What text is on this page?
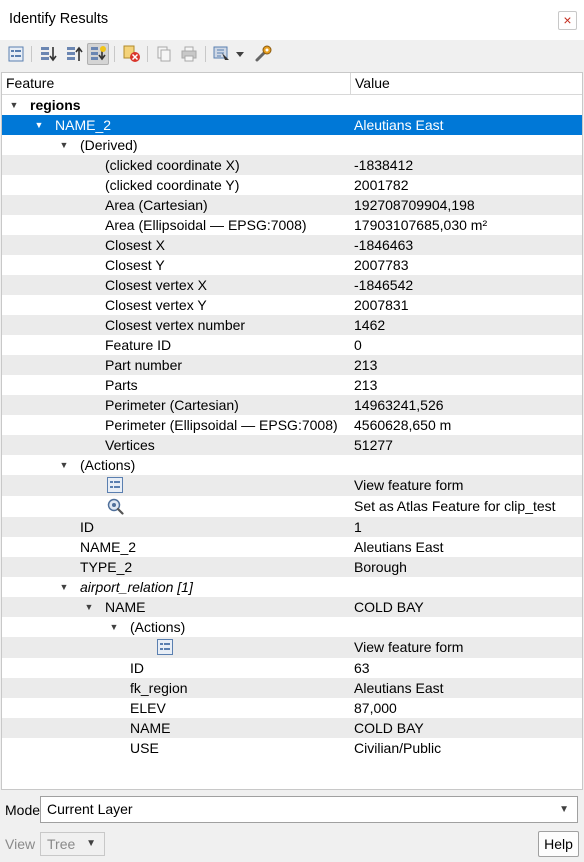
Identify Results	×
Feature	Value
▼ regions
▼ NAME_2	Aleutians East
▼ (Derived)
(clicked coordinate X)	-1838412
(clicked coordinate Y)	2001782
Area (Cartesian)	192708709904,198
Area (Ellipsoidal — EPSG:7008)	17903107685,030 m²
Closest X	-1846463
Closest Y	2007783
Closest vertex X	-1846542
Closest vertex Y	2007831
Closest vertex number	1462
Feature ID	0
Part number	213
Parts	213
Perimeter (Cartesian)	14963241,526
Perimeter (Ellipsoidal — EPSG:7008) 4560628,650 m
Vertices	51277
▼ (Actions)
View feature form
Set as Atlas Feature for clip_test
ID	1
NAME_2	Aleutians East
TYPE_2	Borough
▼ airport_relation [1]
▼ NAME	COLD BAY
▼ (Actions)
View feature form
ID	63
fk_region	Aleutians East
ELEV	87,000
NAME	COLD BAY
USE	Civilian/Public
Mode Current Layer	▼
View Tree ▼	Help
